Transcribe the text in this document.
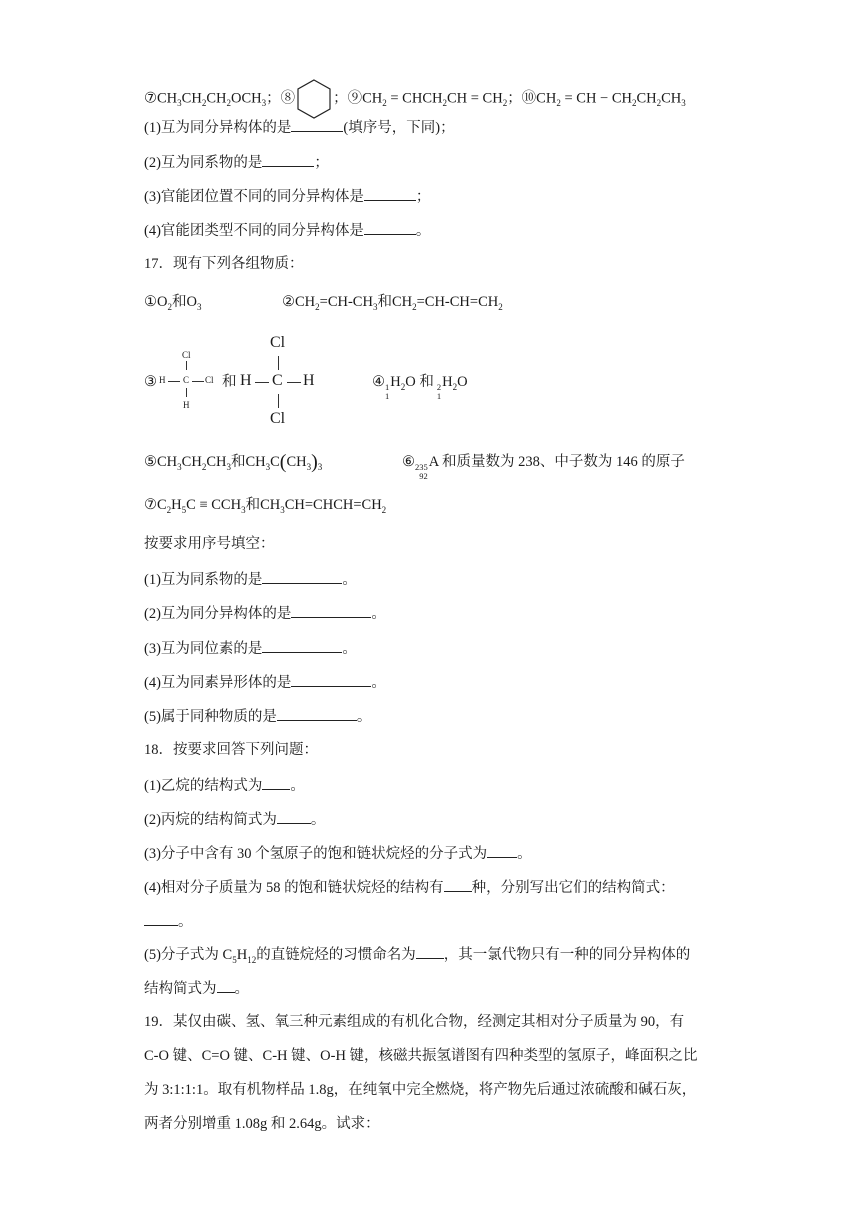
$⑦CH_3CH_2CH_2OCH_3$；⑧	；$⑨CH_2$ = $CHCH_2CH = CH_2$；$⑩CH_2$ = CH − $CH_2CH_2CH_3$
(1)互为同分异构体的是	(填序号，下同)；
(2)互为同系物的是	；
(3)官能团位置不同的同分异构体是	；
(4)官能团类型不同的同分异构体是	。
17．现有下列各组物质：
$①O_2$和$O_3$	$②CH_2=CH-CH_3$和$CH_2=CH-CH=CH_2$
③
Cl
H C Cl
H
和
Cl
H C H
Cl
④ 1
1
$H_2O$ 和 2
1
$H_2O$
$⑤CH_3CH_2CH_3$和$CH_3C(CH_3)_3$	⑥ 235
92
A 和质量数为 238、中子数为 146 的原子
$⑦C_2H_5C \equiv CCH_3$和$CH_3CH=CHCH=CH_2$
按要求用序号填空：
(1)互为同系物的是	。
(2)互为同分异构体的是	。
(3)互为同位素的是	。
(4)互为同素异形体的是	。
(5)属于同种物质的是	。
18．按要求回答下列问题：
(1)乙烷的结构式为 。
(2)丙烷的结构简式为 。
(3)分子中含有 30 个氢原子的饱和链状烷烃的分子式为 。
(4)相对分子质量为 58 的饱和链状烷烃的结构有 种，分别写出它们的结构简式：
。
(5)分子式为 $C_5H_{12}$的直链烷烃的习惯命名为 ，其一氯代物只有一种的同分异构体的
结构简式为 。
19．某仅由碳、氢、氧三种元素组成的有机化合物，经测定其相对分子质量为 90，有
C-O 键、C=O 键、C-H 键、O-H 键，核磁共振氢谱图有四种类型的氢原子，峰面积之比
为 3:1:1:1。取有机物样品 1.8g，在纯氧中完全燃烧，将产物先后通过浓硫酸和碱石灰，
两者分别增重 1.08g 和 2.64g。试求：
